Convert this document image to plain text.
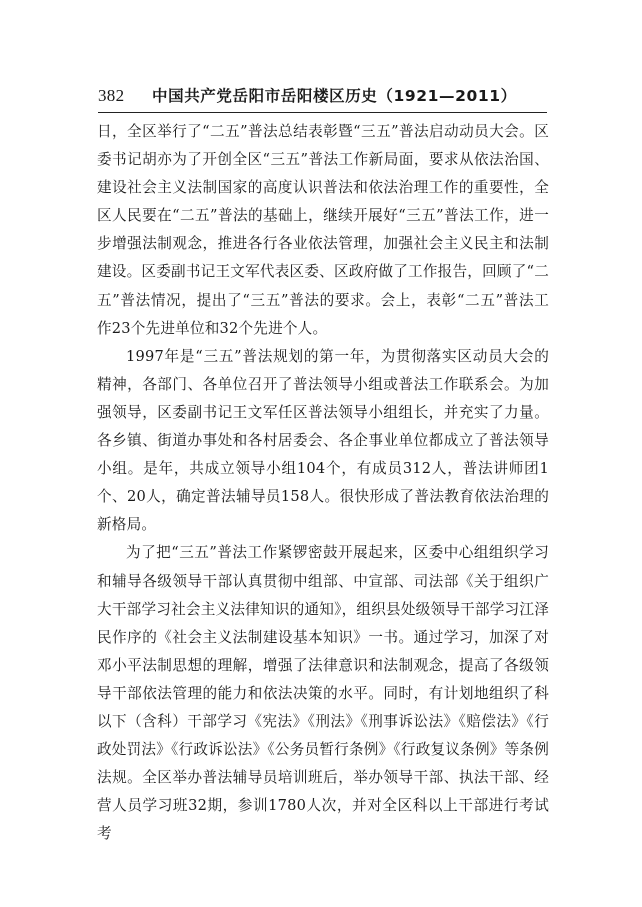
382 中国共产党岳阳市岳阳楼区历史（1921—2011）

日，全区举行了“二五”普法总结表彰暨“三五”普法启动动员大会。区委书记胡亦为了开创全区“三五”普法工作新局面，要求从依法治国、建设社会主义法制国家的高度认识普法和依法治理工作的重要性，全区人民要在“二五”普法的基础上，继续开展好“三五”普法工作，进一步增强法制观念，推进各行各业依法管理，加强社会主义民主和法制建设。区委副书记王文军代表区委、区政府做了工作报告，回顾了“二五”普法情况，提出了“三五”普法的要求。会上，表彰“二五”普法工作23个先进单位和32个先进个人。

1997年是“三五”普法规划的第一年，为贯彻落实区动员大会的精神，各部门、各单位召开了普法领导小组或普法工作联系会。为加强领导，区委副书记王文军任区普法领导小组组长，并充实了力量。各乡镇、街道办事处和各村居委会、各企事业单位都成立了普法领导小组。是年，共成立领导小组104个，有成员312人，普法讲师团1个、20人，确定普法辅导员158人。很快形成了普法教育依法治理的新格局。

为了把“三五”普法工作紧锣密鼓开展起来，区委中心组组织学习和辅导各级领导干部认真贯彻中组部、中宣部、司法部《关于组织广大干部学习社会主义法律知识的通知》，组织县处级领导干部学习江泽民作序的《社会主义法制建设基本知识》一书。通过学习，加深了对邓小平法制思想的理解，增强了法律意识和法制观念，提高了各级领导干部依法管理的能力和依法决策的水平。同时，有计划地组织了科以下（含科）干部学习《宪法》《刑法》《刑事诉讼法》《赔偿法》《行政处罚法》《行政诉讼法》《公务员暂行条例》《行政复议条例》等条例法规。全区举办普法辅导员培训班后，举办领导干部、执法干部、经营人员学习班32期，参训1780人次，并对全区科以上干部进行考试考
